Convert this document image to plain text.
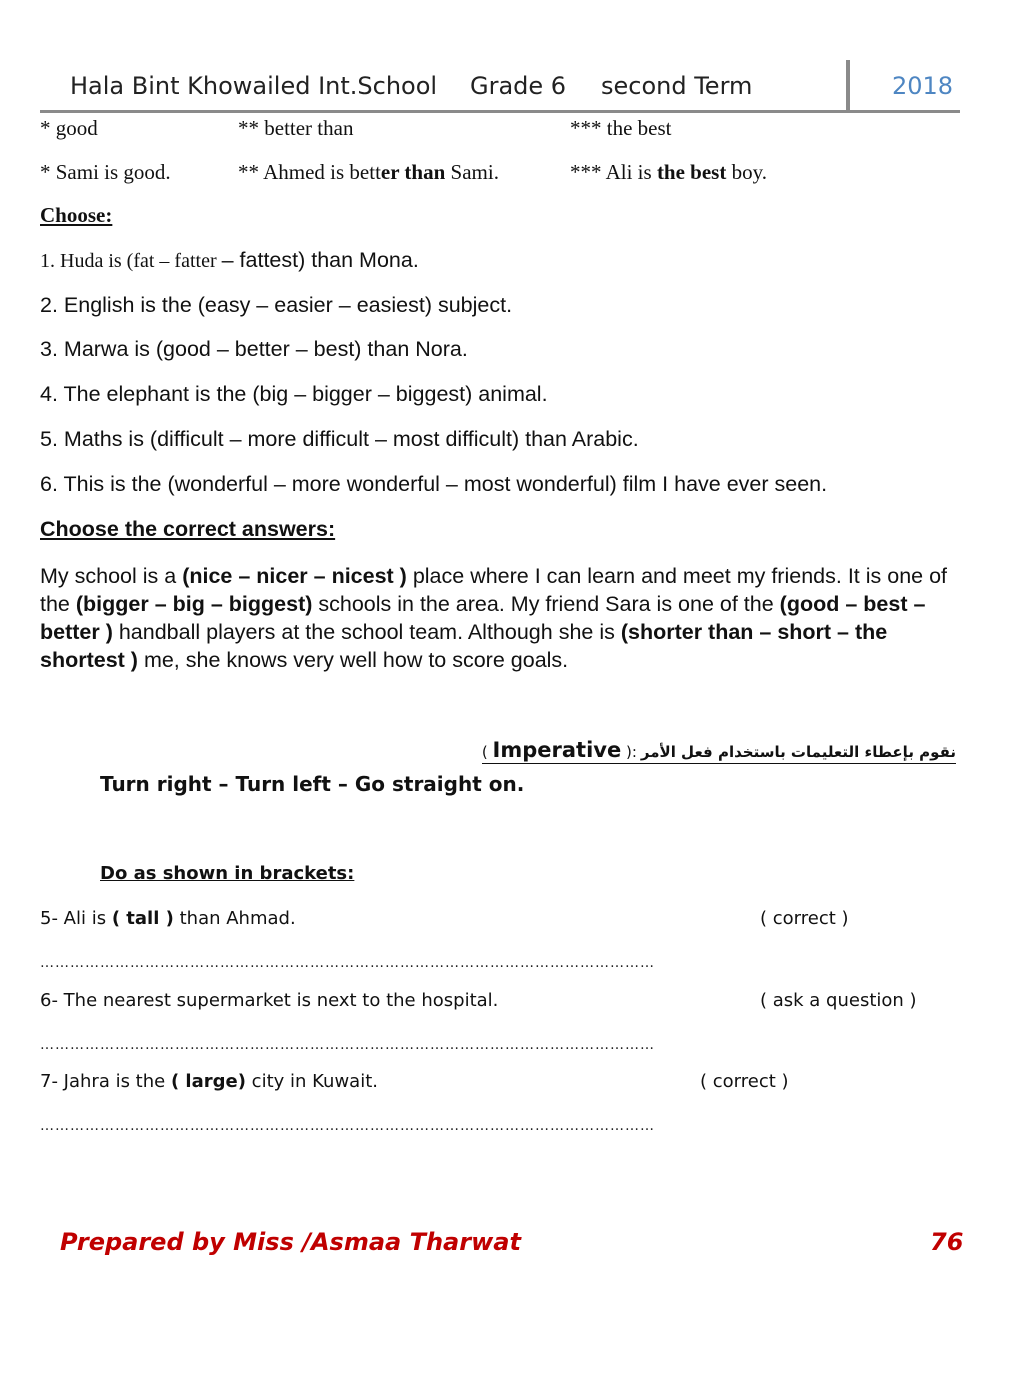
Hala Bint Khowailed Int.School Grade 6 second Term	2018
* good	** better than	*** the best
* Sami is good.	** Ahmed is better than Sami.	*** Ali is the best boy.
Choose:
1. Huda is (fat – fatter – fattest) than Mona.
2. English is the (easy – easier – easiest) subject.
3. Marwa is (good – better – best) than Nora.
4. The elephant is the (big – bigger – biggest) animal.
5. Maths is (difficult – more difficult – most difficult) than Arabic.
6. This is the (wonderful – more wonderful – most wonderful) film I have ever seen.
Choose the correct answers:
My school is a (nice – nicer – nicest ) place where I can learn and meet my friends. It is one of the (bigger – big – biggest) schools in the area. My friend Sara is one of the (good – best – better ) handball players at the school team. Although she is (shorter than – short – the shortest ) me, she knows very well how to score goals.
نقوم بإعطاء التعليمات باستخدام فعل الأمر ( Imperative ):
Turn right – Turn left – Go straight on.
Do as shown in brackets:
5- Ali is ( tall ) than Ahmad.	( correct )
……………………………………………………………………………………………………………
6- The nearest supermarket is next to the hospital.	( ask a question )
……………………………………………………………………………………………………………
7- Jahra is the ( large) city in Kuwait.	( correct )
……………………………………………………………………………………………………………
Prepared by Miss /Asmaa Tharwat	76
